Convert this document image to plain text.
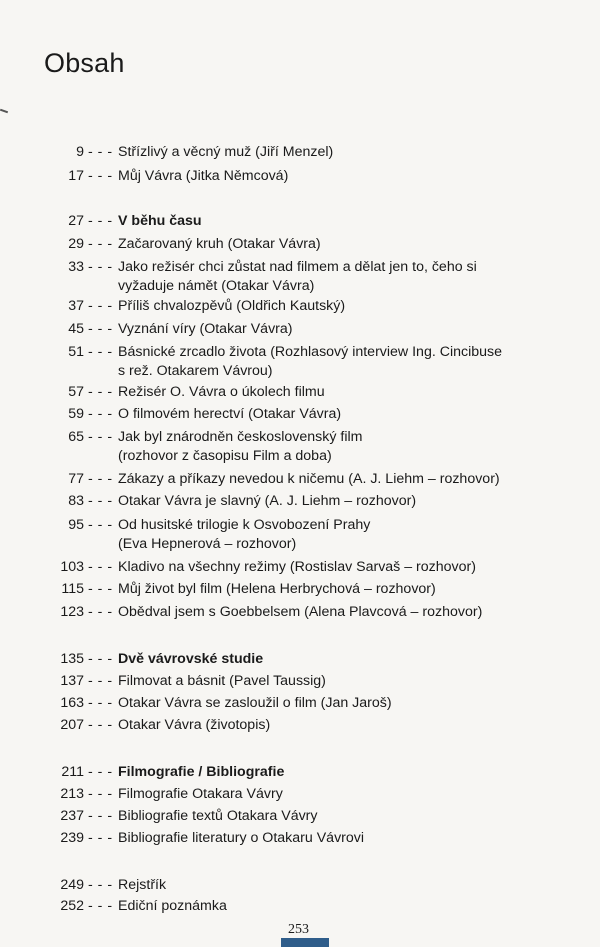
Obsah
9 - - - Střízlivý a věcný muž (Jiří Menzel)
17 - - - Můj Vávra (Jitka Němcová)
27 - - - V běhu času
29 - - - Začarovaný kruh (Otakar Vávra)
33 - - - Jako režisér chci zůstat nad filmem a dělat jen to, čeho si
vyžaduje námět (Otakar Vávra)
37 - - - Příliš chvalozpěvů (Oldřich Kautský)
45 - - - Vyznání víry (Otakar Vávra)
51 - - - Básnické zrcadlo života (Rozhlasový interview Ing. Cincibuse
s rež. Otakarem Vávrou)
57 - - - Režisér O. Vávra o úkolech filmu
59 - - - O filmovém herectví (Otakar Vávra)
65 - - - Jak byl znárodněn československý film
(rozhovor z časopisu Film a doba)
77 - - - Zákazy a příkazy nevedou k ničemu (A. J. Liehm – rozhovor)
83 - - - Otakar Vávra je slavný (A. J. Liehm – rozhovor)
95 - - - Od husitské trilogie k Osvobození Prahy
(Eva Hepnerová – rozhovor)
103 - - - Kladivo na všechny režimy (Rostislav Sarvaš – rozhovor)
115 - - - Můj život byl film (Helena Herbrychová – rozhovor)
123 - - - Obědval jsem s Goebbelsem (Alena Plavcová – rozhovor)
135 - - - Dvě vávrovské studie
137 - - - Filmovat a básnit (Pavel Taussig)
163 - - - Otakar Vávra se zasloužil o film (Jan Jaroš)
207 - - - Otakar Vávra (životopis)
211 - - - Filmografie / Bibliografie
213 - - - Filmografie Otakara Vávry
237 - - - Bibliografie textů Otakara Vávry
239 - - - Bibliografie literatury o Otakaru Vávrovi
249 - - - Rejstřík
252 - - - Ediční poznámka
253
